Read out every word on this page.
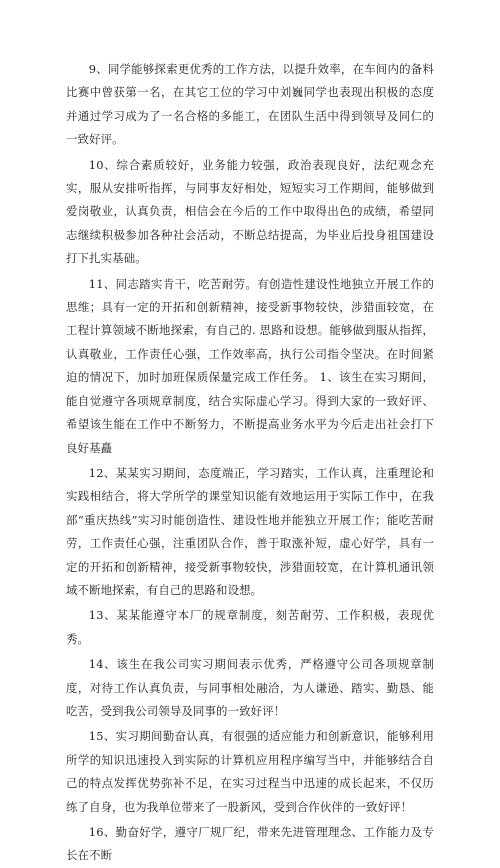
9、同学能够探索更优秀的工作方法，以提升效率，在车间内的备料比赛中曾获第一名，在其它工位的学习中刘巍同学也表现出积极的态度并通过学习成为了一名合格的多能工，在团队生活中得到领导及同仁的一致好评。

10、综合素质较好，业务能力较强，政治表现良好，法纪观念充实，服从安排听指挥，与同事友好相处，短短实习工作期间，能够做到爱岗敬业，认真负责，相信会在今后的工作中取得出色的成绩，希望同志继续积极参加各种社会活动，不断总结提高，为毕业后投身祖国建设打下扎实基础。

11、同志踏实肯干，吃苦耐劳。有创造性建设性地独立开展工作的思维；具有一定的开拓和创新精神，接受新事物较快，涉猎面较宽，在工程计算领域不断地探索，有自己的. 思路和设想。能够做到服从指挥，认真敬业，工作责任心强，工作效率高，执行公司指令坚决。在时间紧迫的情况下，加时加班保质保量完成工作任务。 1、该生在实习期间，能自觉遵守各项规章制度，结合实际虚心学习。得到大家的一致好评、希望该生能在工作中不断努力，不断提高业务水平为今后走出社会打下良好基矗

12、某某实习期间，态度端正，学习踏实，工作认真，注重理论和实践相结合，将大学所学的课堂知识能有效地运用于实际工作中，在我部“重庆热线”实习时能创造性、建设性地并能独立开展工作；能吃苦耐劳，工作责任心强，注重团队合作，善于取涨补短，虚心好学，具有一定的开拓和创新精神，接受新事物较快，涉猎面较宽，在计算机通讯领域不断地探索，有自己的思路和设想。

13、某某能遵守本厂的规章制度，刻苦耐劳、工作积极，表现优秀。

14、该生在我公司实习期间表示优秀，严格遵守公司各项规章制度，对待工作认真负责，与同事相处融洽，为人谦逊、踏实、勤恳、能吃苦，受到我公司领导及同事的一致好评！

15、实习期间勤奋认真，有很强的适应能力和创新意识，能够利用所学的知识迅速投入到实际的计算机应用程序编写当中，并能够结合自己的特点发挥优势弥补不足，在实习过程当中迅速的成长起来，不仅历练了自身，也为我单位带来了一股新风，受到合作伙伴的一致好评！

16、勤奋好学，遵守厂规厂纪，带来先进管理理念、工作能力及专长在不断
